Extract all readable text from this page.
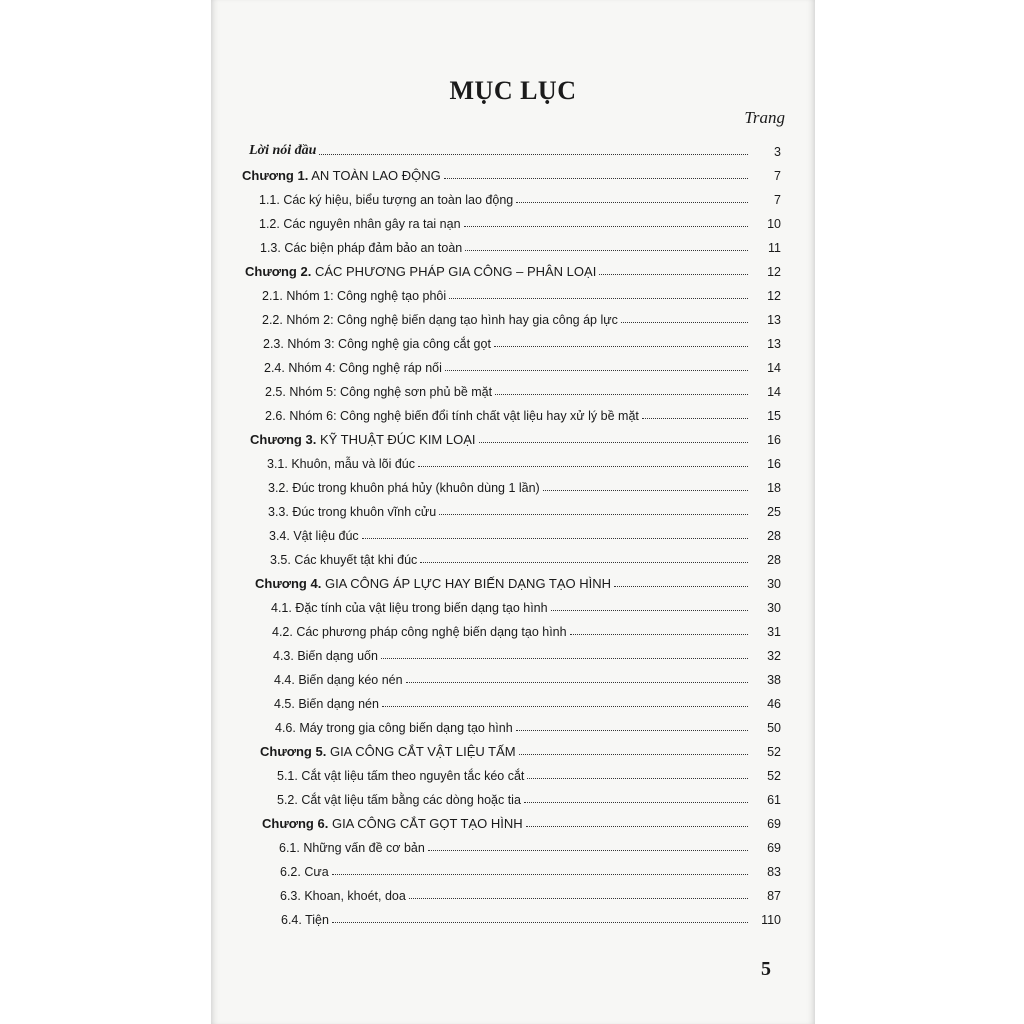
MỤC LỤC
Trang
Lời nói đầu	3
Chương 1. AN TOÀN LAO ĐỘNG	7
1.1. Các ký hiệu, biểu tượng an toàn lao động	7
1.2. Các nguyên nhân gây ra tai nạn	10
1.3. Các biện pháp đảm bảo an toàn	11
Chương 2. CÁC PHƯƠNG PHÁP GIA CÔNG – PHÂN LOẠI	12
2.1. Nhóm 1: Công nghệ tạo phôi	12
2.2. Nhóm 2: Công nghệ biến dạng tạo hình hay gia công áp lực	13
2.3. Nhóm 3: Công nghệ gia công cắt gọt	13
2.4. Nhóm 4: Công nghệ ráp nối	14
2.5. Nhóm 5: Công nghệ sơn phủ bề mặt	14
2.6. Nhóm 6: Công nghệ biến đổi tính chất vật liệu hay xử lý bề mặt	15
Chương 3. KỸ THUẬT ĐÚC KIM LOẠI	16
3.1. Khuôn, mẫu và lõi đúc	16
3.2. Đúc trong khuôn phá hủy (khuôn dùng 1 lần)	18
3.3. Đúc trong khuôn vĩnh cửu	25
3.4. Vật liệu đúc	28
3.5. Các khuyết tật khi đúc	28
Chương 4. GIA CÔNG ÁP LỰC HAY BIẾN DẠNG TẠO HÌNH	30
4.1. Đặc tính của vật liệu trong biến dạng tạo hình	30
4.2. Các phương pháp công nghệ biến dạng tạo hình	31
4.3. Biến dạng uốn	32
4.4. Biến dạng kéo nén	38
4.5. Biến dạng nén	46
4.6. Máy trong gia công biến dạng tạo hình	50
Chương 5. GIA CÔNG CẮT VẬT LIỆU TẤM	52
5.1. Cắt vật liệu tấm theo nguyên tắc kéo cắt	52
5.2. Cắt vật liệu tấm bằng các dòng hoặc tia	61
Chương 6. GIA CÔNG CẮT GỌT TẠO HÌNH	69
6.1. Những vấn đề cơ bản	69
6.2. Cưa	83
6.3. Khoan, khoét, doa	87
6.4. Tiện	110
5
